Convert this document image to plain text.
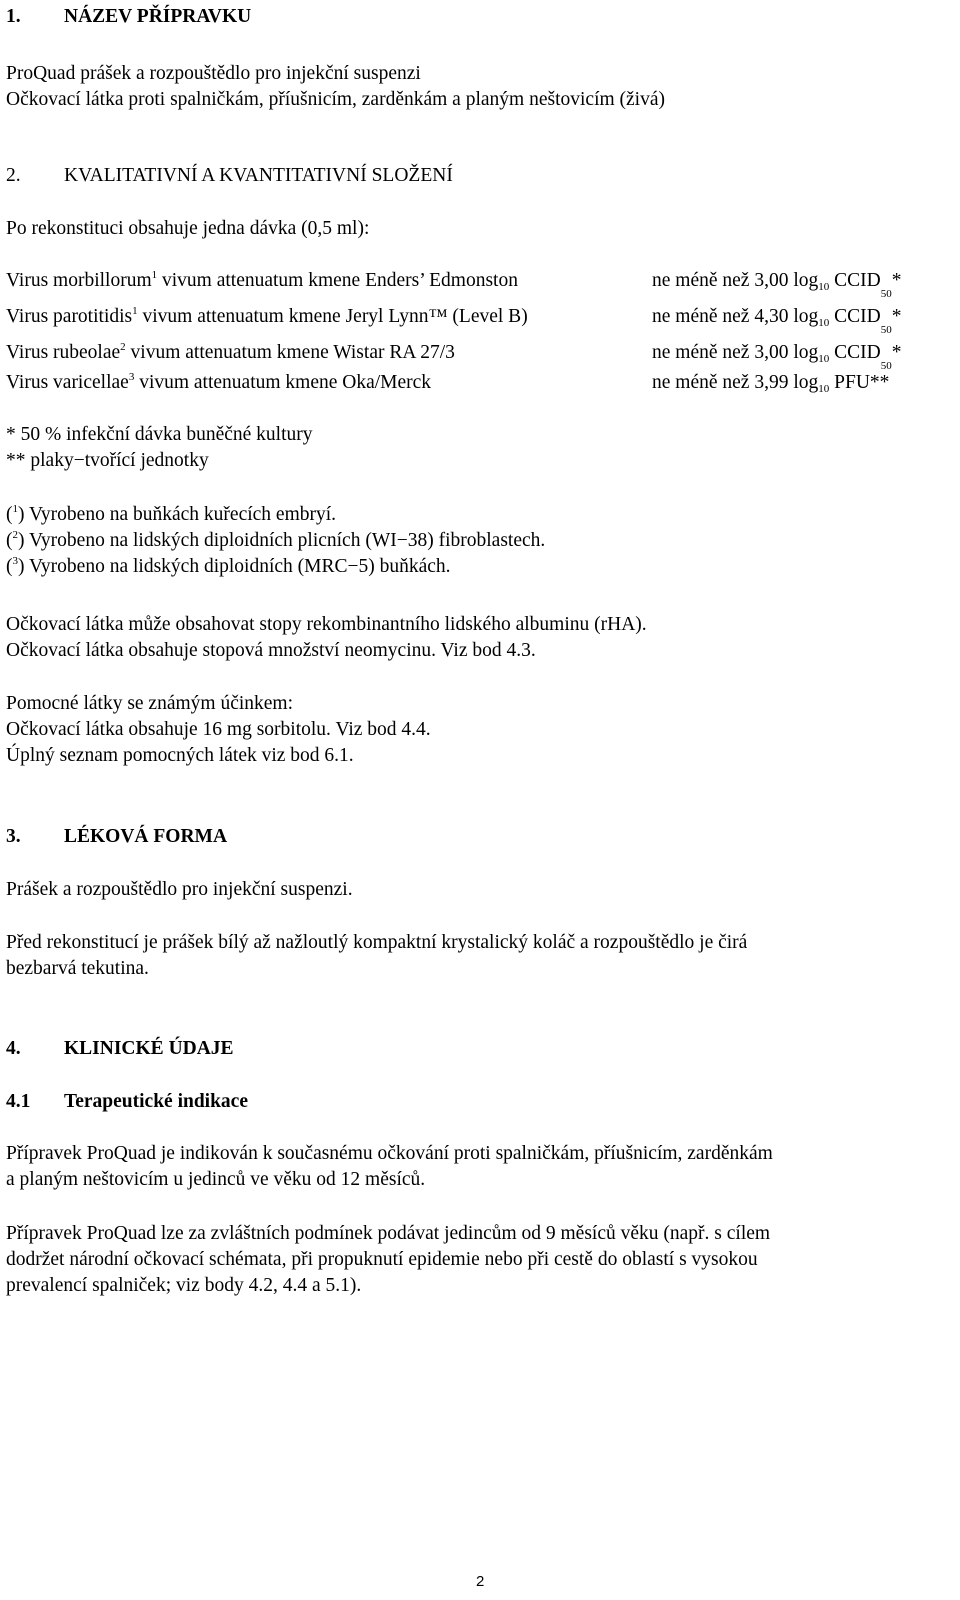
1. NÁZEV PŘÍPRAVKU
ProQuad prášek a rozpouštědlo pro injekční suspenzi
Očkovací látka proti spalničkám, příušnicím, zarděnkám a planým neštovicím (živá)
2. KVALITATIVNÍ A KVANTITATIVNÍ SLOŽENÍ
Po rekonstituci obsahuje jedna dávka (0,5 ml):
Virus morbillorum$^1$ vivum attenuatum kmene Enders’ Edmonston	ne méně než 3,00 $\log_{10}$ $CCID_{50}*$
Virus parotitidis$^1$ vivum attenuatum kmene Jeryl Lynn™ (Level B)	ne méně než 4,30 $\log_{10}$ $CCID_{50}*$
Virus rubeolae$^2$ vivum attenuatum kmene Wistar RA 27/3	ne méně než 3,00 $\log_{10}$ $CCID_{50}*$
Virus varicellae$^3$ vivum attenuatum kmene Oka/Merck	ne méně než 3,99 $\log_{10} PFU**$
* 50 % infekční dávka buněčné kultury
** plaky−tvořící jednotky
($^1$) Vyrobeno na buňkách kuřecích embryí.
($^2$) Vyrobeno na lidských diploidních plicních (WI−38) fibroblastech.
($^3$) Vyrobeno na lidských diploidních (MRC−5) buňkách.
Očkovací látka může obsahovat stopy rekombinantního lidského albuminu (rHA).
Očkovací látka obsahuje stopová množství neomycinu. Viz bod 4.3.
Pomocné látky se známým účinkem:
Očkovací látka obsahuje 16 mg sorbitolu. Viz bod 4.4.
Úplný seznam pomocných látek viz bod 6.1.
3. LÉKOVÁ FORMA
Prášek a rozpouštědlo pro injekční suspenzi.
Před rekonstitucí je prášek bílý až nažloutlý kompaktní krystalický koláč a rozpouštědlo je čirá
bezbarvá tekutina.
4. KLINICKÉ ÚDAJE
4.1 Terapeutické indikace
Přípravek ProQuad je indikován k současnému očkování proti spalničkám, příušnicím, zarděnkám
a planým neštovicím u jedinců ve věku od 12 měsíců.
Přípravek ProQuad lze za zvláštních podmínek podávat jedincům od 9 měsíců věku (např. s cílem
dodržet národní očkovací schémata, při propuknutí epidemie nebo při cestě do oblastí s vysokou
prevalencí spalniček; viz body 4.2, 4.4 a 5.1).
2
